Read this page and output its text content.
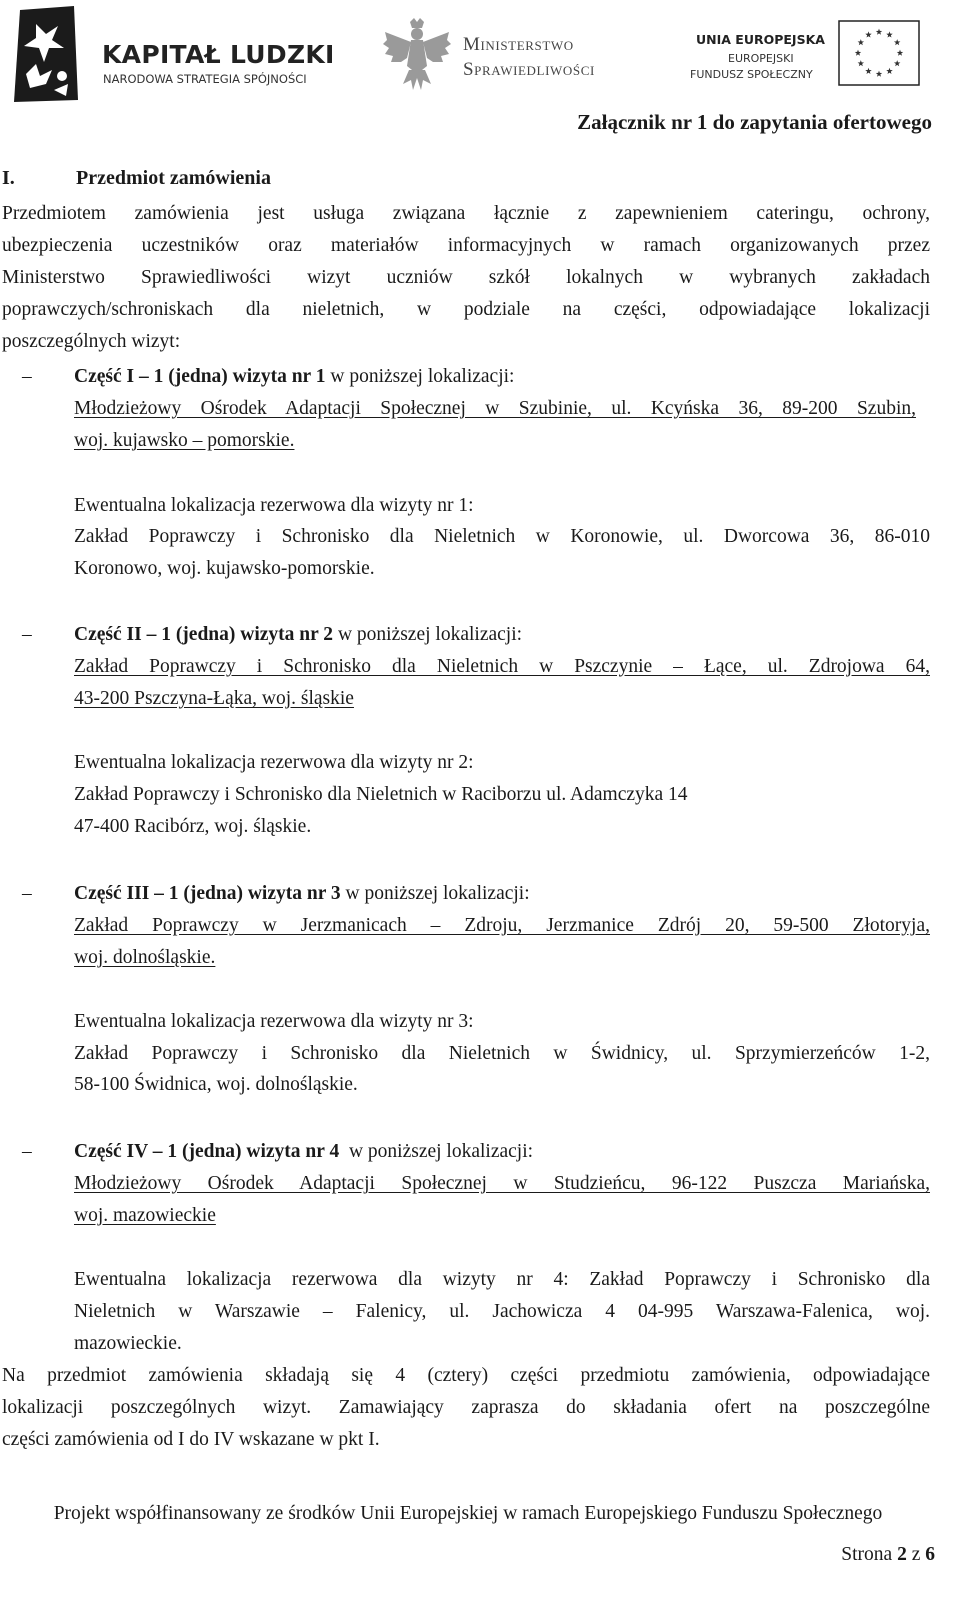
KAPITAŁ LUDZKI
NARODOWA STRATEGIA SPÓJNOŚCI
Ministerstwo
Sprawiedliwości
UNIA EUROPEJSKA
EUROPEJSKI
FUNDUSZ SPOŁECZNY
Załącznik nr 1 do zapytania ofertowego
I.	Przedmiot zamówienia
Przedmiotem zamówienia jest usługa związana łącznie z zapewnieniem cateringu, ochrony,
ubezpieczenia uczestników oraz materiałów informacyjnych w ramach organizowanych przez
Ministerstwo Sprawiedliwości wizyt uczniów szkół lokalnych w wybranych zakładach
poprawczych/schroniskach dla nieletnich, w podziale na części, odpowiadające lokalizacji
poszczególnych wizyt:
– Część I – 1 (jedna) wizyta nr 1 w poniższej lokalizacji:
Młodzieżowy Ośrodek Adaptacji Społecznej w Szubinie, ul. Kcyńska 36, 89-200 Szubin,
woj. kujawsko – pomorskie.
Ewentualna lokalizacja rezerwowa dla wizyty nr 1:
Zakład Poprawczy i Schronisko dla Nieletnich w Koronowie, ul. Dworcowa 36, 86-010
Koronowo, woj. kujawsko-pomorskie.
– Część II – 1 (jedna) wizyta nr 2 w poniższej lokalizacji:
Zakład Poprawczy i Schronisko dla Nieletnich w Pszczynie – Łące, ul. Zdrojowa 64,
43-200 Pszczyna-Łąka, woj. śląskie
Ewentualna lokalizacja rezerwowa dla wizyty nr 2:
Zakład Poprawczy i Schronisko dla Nieletnich w Raciborzu ul. Adamczyka 14
47-400 Racibórz, woj. śląskie.
– Część III – 1 (jedna) wizyta nr 3 w poniższej lokalizacji:
Zakład Poprawczy w Jerzmanicach – Zdroju, Jerzmanice Zdrój 20, 59-500 Złotoryja,
woj. dolnośląskie.
Ewentualna lokalizacja rezerwowa dla wizyty nr 3:
Zakład Poprawczy i Schronisko dla Nieletnich w Świdnicy, ul. Sprzymierzeńców 1-2,
58-100 Świdnica, woj. dolnośląskie.
– Część IV – 1 (jedna) wizyta nr 4  w poniższej lokalizacji:
Młodzieżowy Ośrodek Adaptacji Społecznej w Studzieńcu, 96-122 Puszcza Mariańska,
woj. mazowieckie
Ewentualna lokalizacja rezerwowa dla wizyty nr 4: Zakład Poprawczy i Schronisko dla
Nieletnich w Warszawie – Falenicy, ul. Jachowicza 4 04-995 Warszawa-Falenica, woj.
mazowieckie.
Na przedmiot zamówienia składają się 4 (cztery) części przedmiotu zamówienia, odpowiadające
lokalizacji poszczególnych wizyt. Zamawiający zaprasza do składania ofert na poszczególne
części zamówienia od I do IV wskazane w pkt I.
Projekt współfinansowany ze środków Unii Europejskiej w ramach Europejskiego Funduszu Społecznego
Strona 2 z 6
